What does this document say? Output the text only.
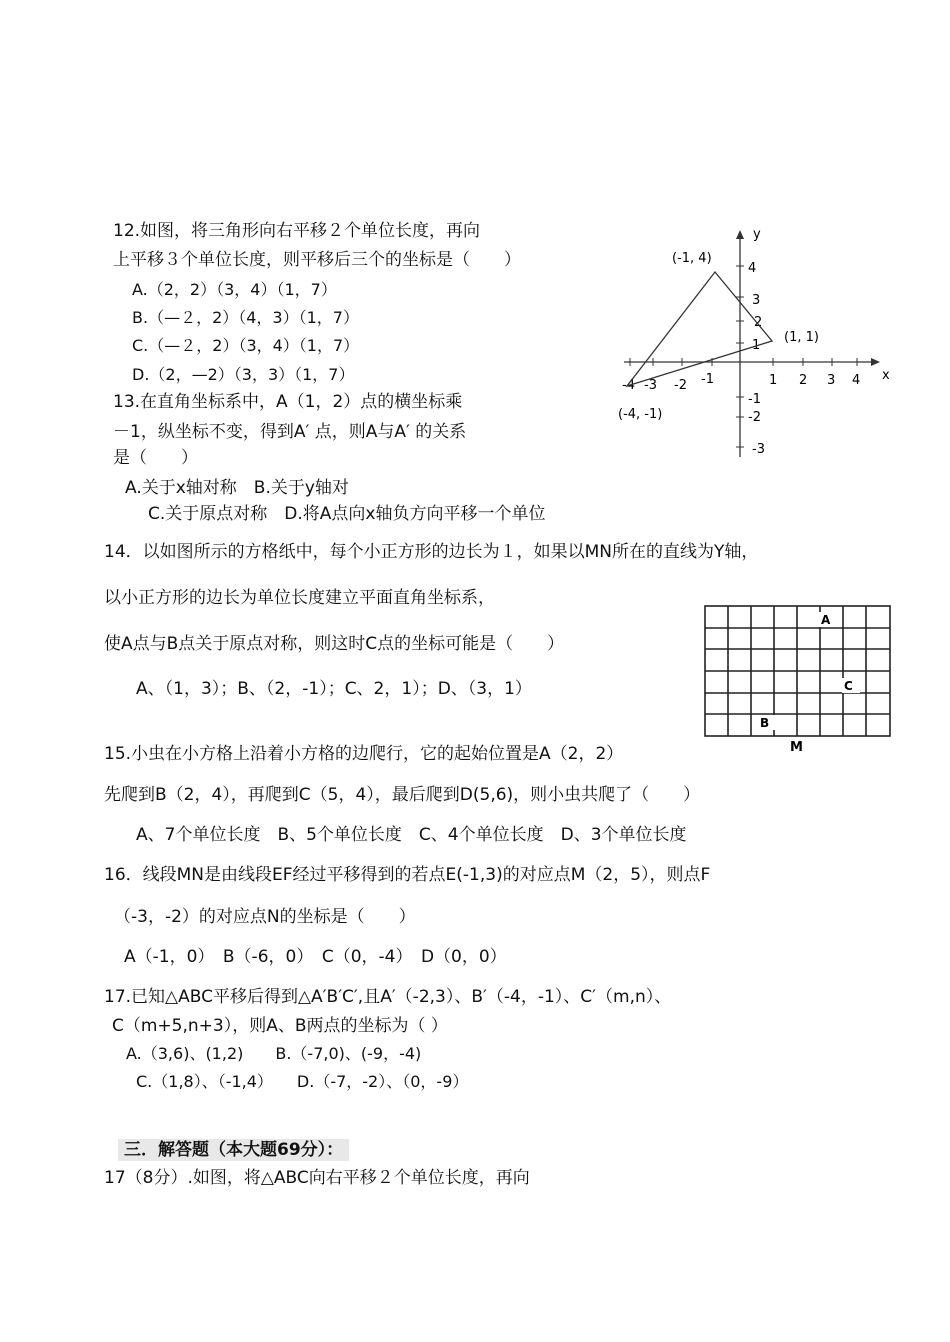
12.如图，将三角形向右平移２个单位长度，再向
上平移３个单位长度，则平移后三个的坐标是（　　）
A.（2，2）（3，4）（1，7）
B.（—２，2）（4，3）（1，7）
C.（—２，2）（3，4）（1，7）
D.（2，—2）（3，3）（1，7）
13.在直角坐标系中，A（1，2）点的横坐标乘
－1，纵坐标不变，得到A′ 点，则A与A′ 的关系
是（　　）
A.关于x轴对称　B.关于y轴对
C.关于原点对称　D.将A点向x轴负方向平移一个单位
x
y
-4 -3 -2 -1	1 2 3 4
4
3
2
1
-1
-2
-3
(-1, 4)
(1, 1)
(-4, -1)
14．以如图所示的方格纸中，每个小正方形的边长为１，如果以MN所在的直线为Y轴，
以小正方形的边长为单位长度建立平面直角坐标系，
使A点与B点关于原点对称，则这时C点的坐标可能是（　　）
A、（1，3）；B、（2，-1）；C、2，1）；D、（3，1）
A
B
C
M
15.小虫在小方格上沿着小方格的边爬行，它的起始位置是A（2，2）
先爬到B（2，4），再爬到C（5，4），最后爬到D(5,6)，则小虫共爬了（　　）
A、7个单位长度　B、5个单位长度　C、4个单位长度　D、3个单位长度
16．线段MN是由线段EF经过平移得到的若点E(-1,3)的对应点M（2，5），则点F
（-3，-2）的对应点N的坐标是（　　）
A（-1，0）　B（-6，0）　C（0，-4）　D（0，0）
17.已知△ABC平移后得到△A′B′C′,且A′（-2,3）、B′（-4，-1）、C′（m,n）、
C（m+5,n+3），则A、B两点的坐标为（ ）
A.（3,6)、(1,2)　　B.（-7,0)、(-9，-4)
C.（1,8）、（-1,4）　　D.（-7，-2）、（0，-9）
三．解答题（本大题69分）：
17（8分）.如图，将△ABC向右平移２个单位长度，再向
